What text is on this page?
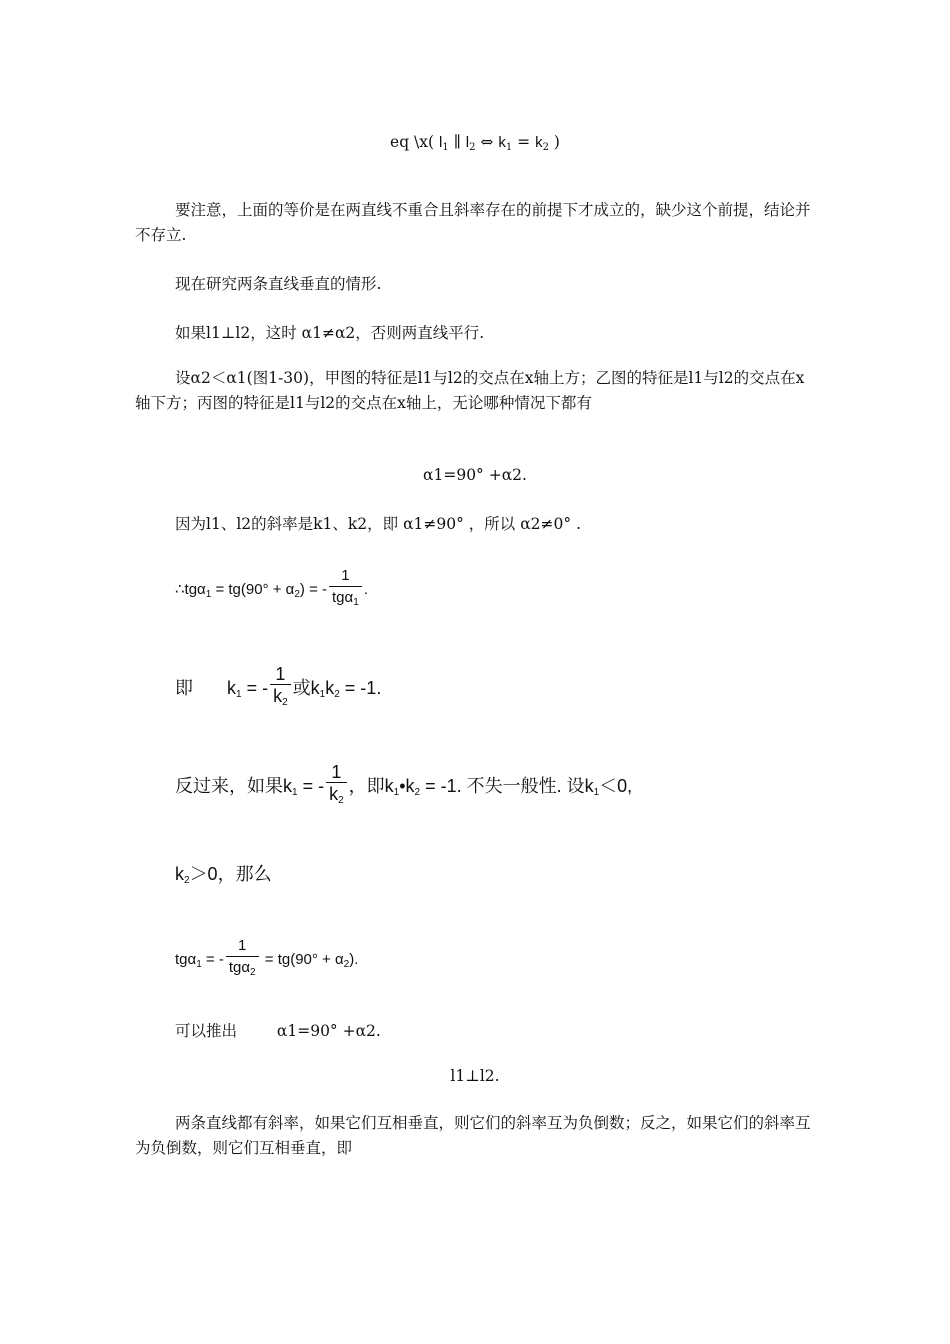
eq \x( $l_1$ ∥ $l_2$ ⇔ $k_1 = k_2$ )
要注意，上面的等价是在两直线不重合且斜率存在的前提下才成立的，缺少这个前提，结论并不存立.
现在研究两条直线垂直的情形.
如果l1⊥l2，这时 α1≠α2，否则两直线平行.
设α2＜α1(图1-30)，甲图的特征是l1与l2的交点在x轴上方；乙图的特征是l1与l2的交点在x轴下方；丙图的特征是l1与l2的交点在x轴上，无论哪种情况下都有
α1=90° +α2.
因为l1、l2的斜率是k1、k2，即 α1≠90° ，所以 α2≠0° .
∴tgα$_1$ = $tg(90^\circ + \alpha_2)$ = - $\frac{1}{tg\alpha_1}$ .
即 $k_1$ = - $\frac{1}{k_2}$ 或$k_1k_2 = -1$.
反过来，如果$k_1$ = - $\frac{1}{k_2}$ ，即$k_1•k_2 = -1$. 不失一般性. 设$k_1<0$,
$k_2>0$，那么
tgα$_1$ = - $\frac{1}{tg\alpha_2} = tg(90^\circ + \alpha_2)$.
可以推出	α1=90° +α2.
l1⊥l2.
两条直线都有斜率，如果它们互相垂直，则它们的斜率互为负倒数；反之，如果它们的斜率互为负倒数，则它们互相垂直，即
